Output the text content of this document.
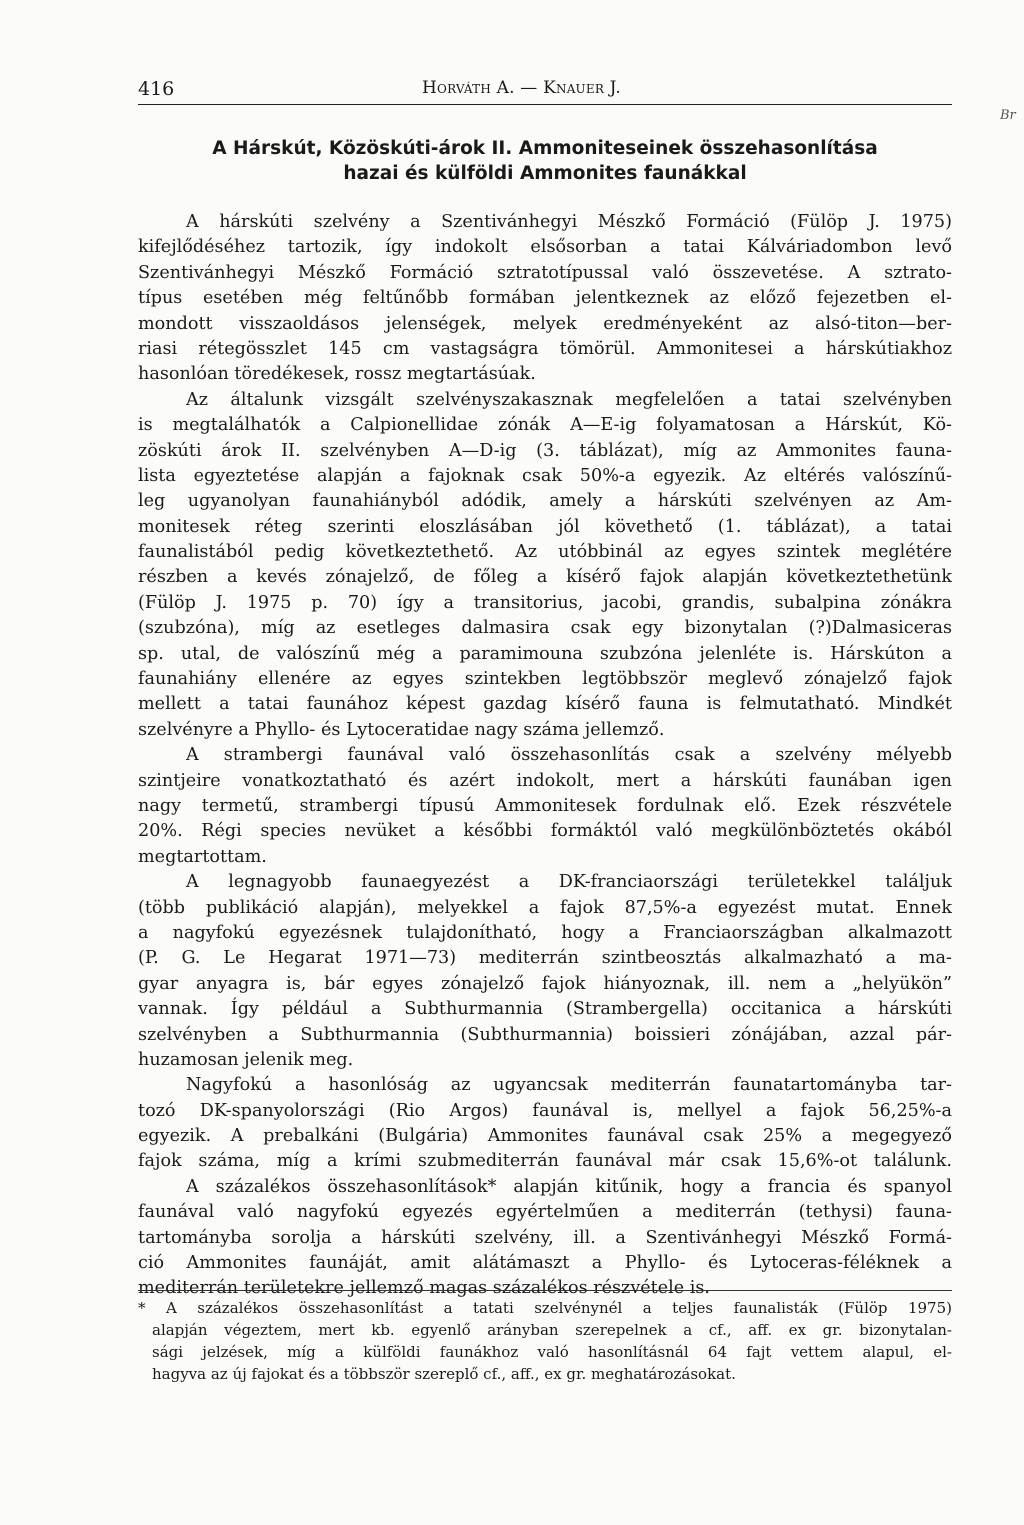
416	Horváth A. — Knauer J.
Br
A Hárskút, Közöskúti-árok II. Ammoniteseinek összehasonlítása
hazai és külföldi Ammonites faunákkal
A hárskúti szelvény a Szentivánhegyi Mészkő Formáció (Fülöp J. 1975)
kifejlődéséhez tartozik, így indokolt elsősorban a tatai Kálváriadombon levő
Szentivánhegyi Mészkő Formáció sztratotípussal való összevetése. A sztrato-
típus esetében még feltűnőbb formában jelentkeznek az előző fejezetben el-
mondott visszaoldásos jelenségek, melyek eredményeként az alsó-titon—ber-
riasi rétegösszlet 145 cm vastagságra tömörül. Ammonitesei a hárskútiakhoz
hasonlóan töredékesek, rossz megtartásúak.
Az általunk vizsgált szelvényszakasznak megfelelően a tatai szelvényben
is megtalálhatók a Calpionellidae zónák A—E-ig folyamatosan a Hárskút, Kö-
zöskúti árok II. szelvényben A—D-ig (3. táblázat), míg az Ammonites fauna-
lista egyeztetése alapján a fajoknak csak 50%-a egyezik. Az eltérés valószínű-
leg ugyanolyan faunahiányból adódik, amely a hárskúti szelvényen az Am-
monitesek réteg szerinti eloszlásában jól követhető (1. táblázat), a tatai
faunalistából pedig következtethető. Az utóbbinál az egyes szintek meglétére
részben a kevés zónajelző, de főleg a kísérő fajok alapján következtethetünk
(Fülöp J. 1975 p. 70) így a transitorius, jacobi, grandis, subalpina zónákra
(szubzóna), míg az esetleges dalmasira csak egy bizonytalan (?)Dalmasiceras
sp. utal, de valószínű még a paramimouna szubzóna jelenléte is. Hárskúton a
faunahiány ellenére az egyes szintekben legtöbbször meglevő zónajelző fajok
mellett a tatai faunához képest gazdag kísérő fauna is felmutatható. Mindkét
szelvényre a Phyllo- és Lytoceratidae nagy száma jellemző.
A strambergi faunával való összehasonlítás csak a szelvény mélyebb
szintjeire vonatkoztatható és azért indokolt, mert a hárskúti faunában igen
nagy termetű, strambergi típusú Ammonitesek fordulnak elő. Ezek részvétele
20%. Régi species nevüket a későbbi formáktól való megkülönböztetés okából
megtartottam.
A legnagyobb faunaegyezést a DK-franciaországi területekkel találjuk
(több publikáció alapján), melyekkel a fajok 87,5%-a egyezést mutat. Ennek
a nagyfokú egyezésnek tulajdonítható, hogy a Franciaországban alkalmazott
(P. G. Le Hegarat 1971—73) mediterrán szintbeosztás alkalmazható a ma-
gyar anyagra is, bár egyes zónajelző fajok hiányoznak, ill. nem a „helyükön”
vannak. Így például a Subthurmannia (Strambergella) occitanica a hárskúti
szelvényben a Subthurmannia (Subthurmannia) boissieri zónájában, azzal pár-
huzamosan jelenik meg.
Nagyfokú a hasonlóság az ugyancsak mediterrán faunatartományba tar-
tozó DK-spanyolországi (Rio Argos) faunával is, mellyel a fajok 56,25%-a
egyezik. A prebalkáni (Bulgária) Ammonites faunával csak 25% a megegyező
fajok száma, míg a krími szubmediterrán faunával már csak 15,6%-ot találunk.
A százalékos összehasonlítások* alapján kitűnik, hogy a francia és spanyol
faunával való nagyfokú egyezés egyértelműen a mediterrán (tethysi) fauna-
tartományba sorolja a hárskúti szelvény, ill. a Szentivánhegyi Mészkő Formá-
ció Ammonites faunáját, amit alátámaszt a Phyllo- és Lytoceras-féléknek a
mediterrán területekre jellemző magas százalékos részvétele is.
* A százalékos összehasonlítást a tatati szelvénynél a teljes faunalisták (Fülöp 1975)
alapján végeztem, mert kb. egyenlő arányban szerepelnek a cf., aff. ex gr. bizonytalan-
sági jelzések, míg a külföldi faunákhoz való hasonlításnál 64 fajt vettem alapul, el-
hagyva az új fajokat és a többször szereplő cf., aff., ex gr. meghatározásokat.
